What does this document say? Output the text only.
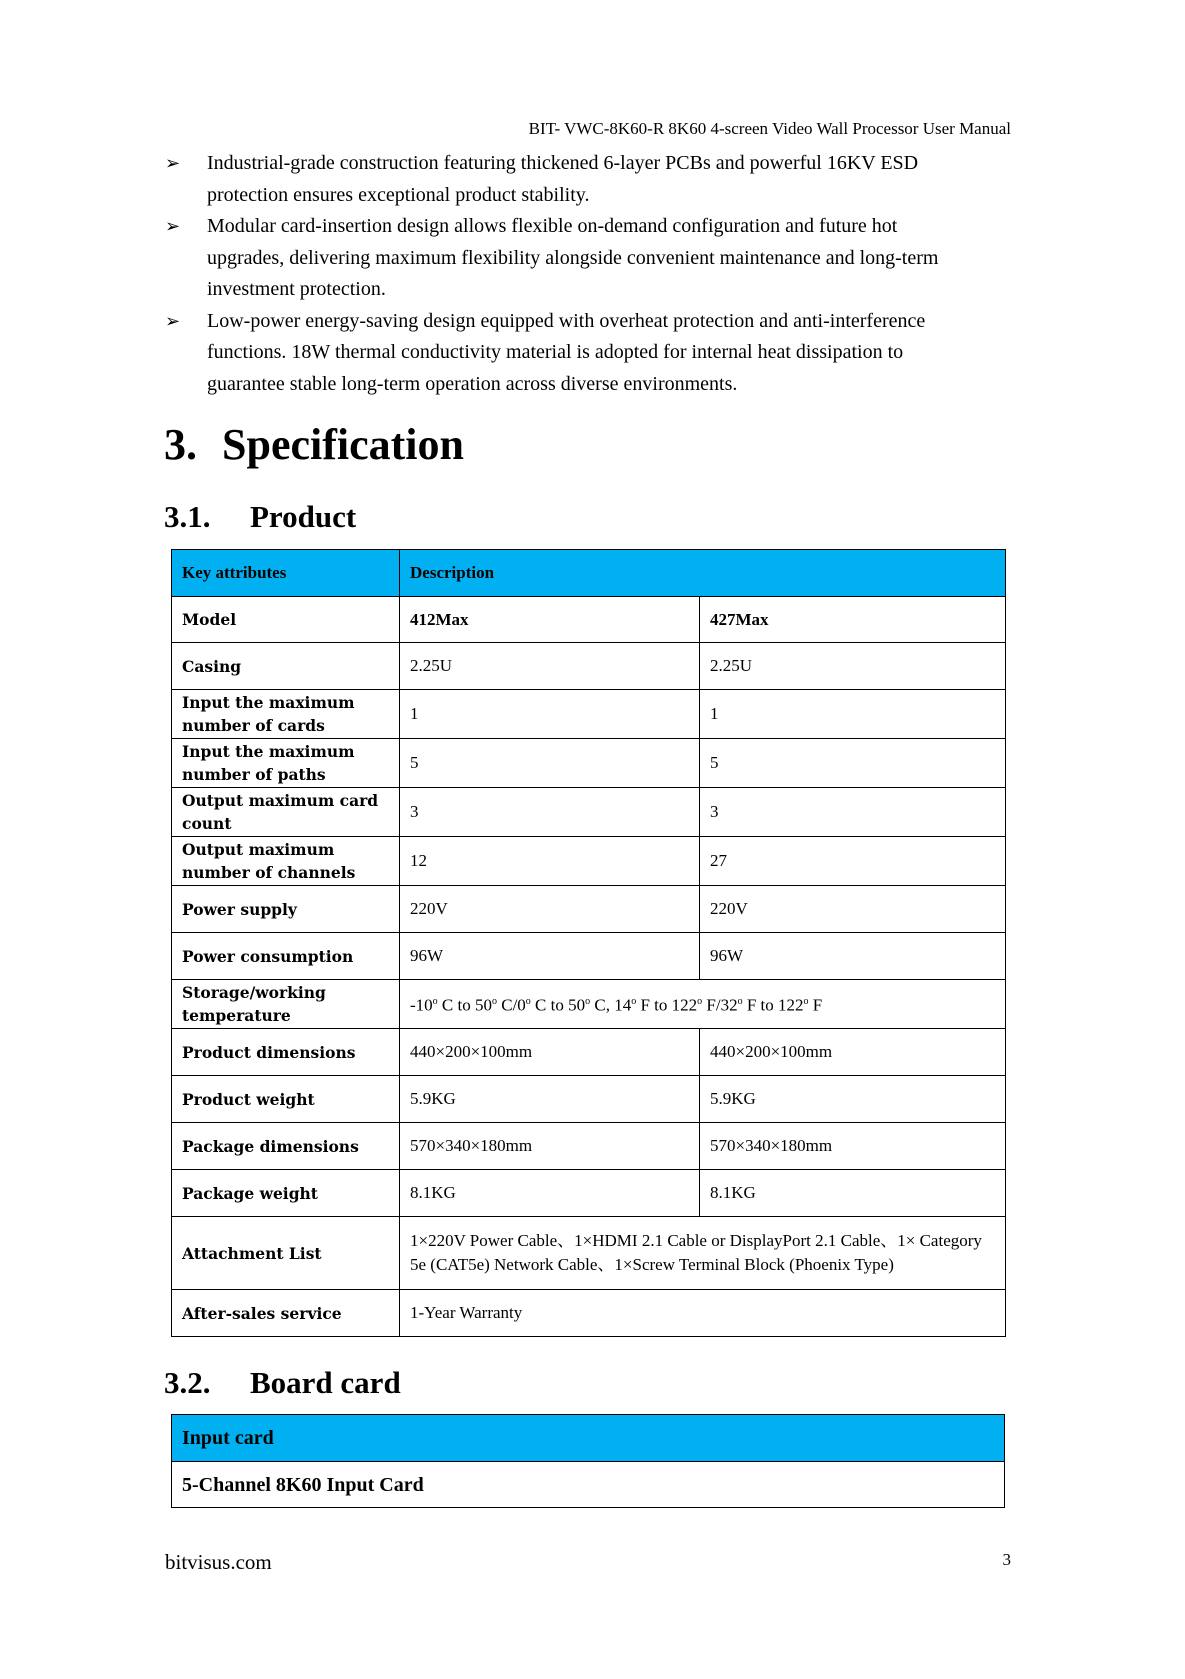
BIT- VWC-8K60-R 8K60 4-screen Video Wall Processor User Manual
➢ Industrial-grade construction featuring thickened 6-layer PCBs and powerful 16KV ESD
protection ensures exceptional product stability.
➢ Modular card-insertion design allows flexible on-demand configuration and future hot
upgrades, delivering maximum flexibility alongside convenient maintenance and long-term
investment protection.
➢ Low-power energy-saving design equipped with overheat protection and anti-interference
functions. 18W thermal conductivity material is adopted for internal heat dissipation to
guarantee stable long-term operation across diverse environments.
3. Specification
3.1. Product
Key attributes	Description	
Model	412Max	427Max
Casing	2.25U	2.25U
Input the maximum number of cards	1	1
Input the maximum number of paths	5	5
Output maximum card count	3	3
Output maximum number of channels	12	27
Power supply	220V	220V
Power consumption	96W	96W
Storage/working temperature	-10$^o$ C to 50$^o$ C/0$^o$ C to 50$^o$ C, 14$^o$ F to 122$^o$ F/32$^o$ F to 122$^o$ F	
Product dimensions	440×200×100mm	440×200×100mm
Product weight	5.9KG	5.9KG
Package dimensions	570×340×180mm	570×340×180mm
Package weight	8.1KG	8.1KG
Attachment List	1×220V Power Cable、1×HDMI 2.1 Cable or DisplayPort 2.1 Cable、1× Category 5e (CAT5e) Network Cable、1×Screw Terminal Block (Phoenix Type)	
After-sales service	1-Year Warranty	
3.2. Board card
Input card
5-Channel 8K60 Input Card
bitvisus.com	3
